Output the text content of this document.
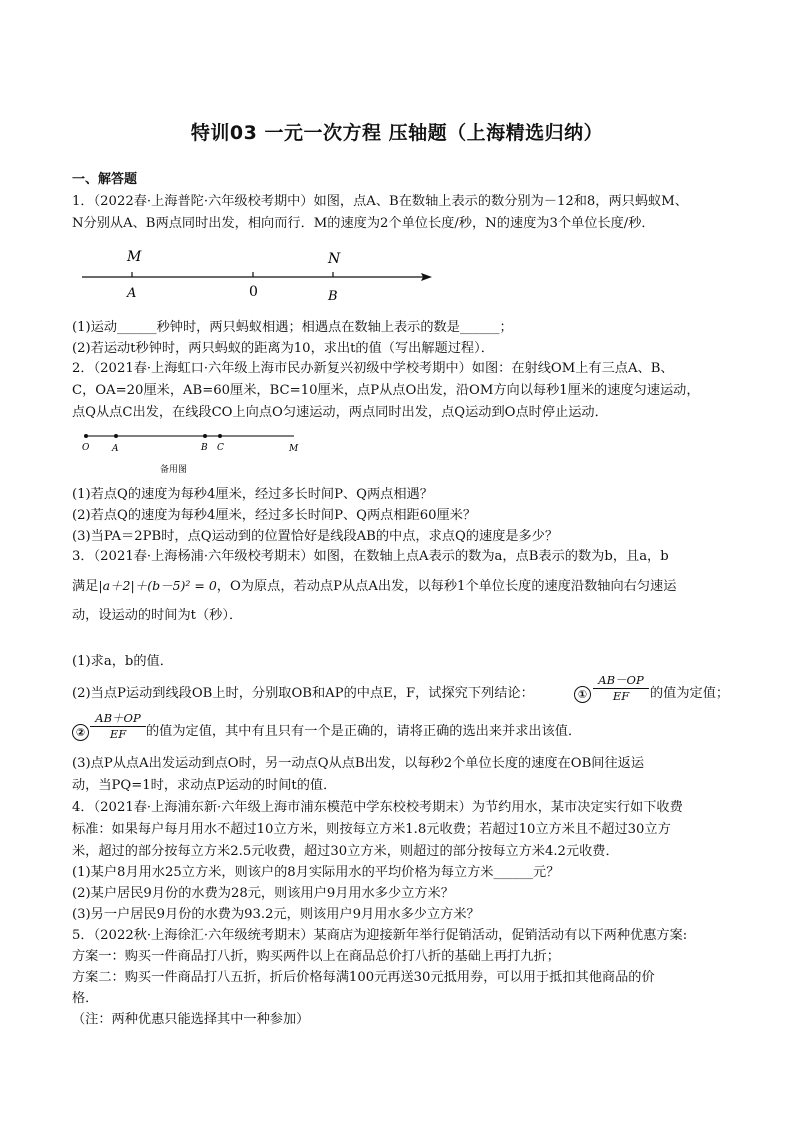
特训03 一元一次方程 压轴题（上海精选归纳）
一、解答题
1．（2022春·上海普陀·六年级校考期中）如图，点A、B在数轴上表示的数分别为－12和8，两只蚂蚁M、
N分别从A、B两点同时出发，相向而行．M的速度为2个单位长度/秒，N的速度为3个单位长度/秒．
M	N
A	0	B
(1)运动______秒钟时，两只蚂蚁相遇；相遇点在数轴上表示的数是______；
(2)若运动t秒钟时，两只蚂蚁的距离为10，求出t的值（写出解题过程）．
2．（2021春·上海虹口·六年级上海市民办新复兴初级中学校考期中）如图：在射线OM上有三点A、B、
C，OA=20厘米，AB=60厘米，BC=10厘米，点P从点O出发，沿OM方向以每秒1厘米的速度匀速运动，
点Q从点C出发，在线段CO上向点O匀速运动，两点同时出发，点Q运动到O点时停止运动．
O	A	B C	M
备用图
(1)若点Q的速度为每秒4厘米，经过多长时间P、Q两点相遇？
(2)若点Q的速度为每秒4厘米，经过多长时间P、Q两点相距60厘米？
(3)当PA＝2PB时，点Q运动到的位置恰好是线段AB的中点，求点Q的速度是多少？
3．（2021春·上海杨浦·六年级校考期末）如图，在数轴上点A表示的数为a，点B表示的数为b，且a，b
满足|a＋2|＋(b－5)² = 0，O为原点，若动点P从点A出发，以每秒1个单位长度的速度沿数轴向右匀速运
动，设运动的时间为t（秒）．
(1)求a，b的值．
(2)当点P运动到线段OB上时，分别取OB和AP的中点E，F，试探究下列结论：	① $\frac{AB-OP}{EF}$ 的值为定值；
② $\frac{AB+OP}{EF}$ 的值为定值，其中有且只有一个是正确的，请将正确的选出来并求出该值．
(3)点P从点A出发运动到点O时，另一动点Q从点B出发，以每秒2个单位长度的速度在OB间往返运
动，当PQ=1时，求动点P运动的时间t的值．
4．（2021春·上海浦东新·六年级上海市浦东模范中学东校校考期末）为节约用水，某市决定实行如下收费
标准：如果每户每月用水不超过10立方米，则按每立方米1.8元收费；若超过10立方米且不超过30立方
米，超过的部分按每立方米2.5元收费，超过30立方米，则超过的部分按每立方米4.2元收费．
(1)某户8月用水25立方米，则该户的8月实际用水的平均价格为每立方米______元？
(2)某户居民9月份的水费为28元，则该用户9月用水多少立方米？
(3)另一户居民9月份的水费为93.2元，则该用户9月用水多少立方米？
5．（2022秋·上海徐汇·六年级统考期末）某商店为迎接新年举行促销活动，促销活动有以下两种优惠方案:
方案一：购买一件商品打八折，购买两件以上在商品总价打八折的基础上再打九折；
方案二：购买一件商品打八五折，折后价格每满100元再送30元抵用券，可以用于抵扣其他商品的价
格．
（注：两种优惠只能选择其中一种参加）
